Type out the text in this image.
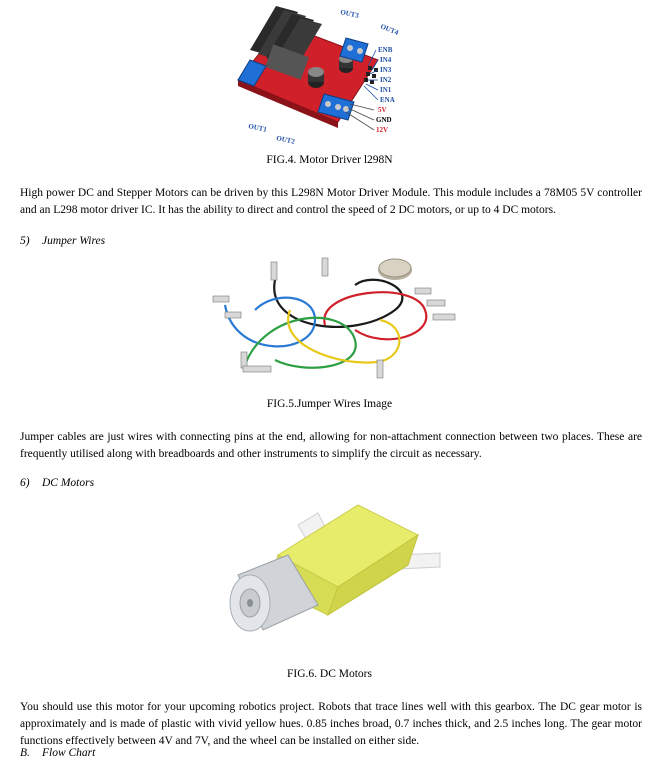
OUT3
OUT4
ENB
IN4
IN3
IN2
IN1
ENA
OUT1
OUT2
5V
GND
12V
FIG.4. Motor Driver l298N
High power DC and Stepper Motors can be driven by this L298N Motor Driver Module. This module includes a 78M05 5V controller and an L298 motor driver IC. It has the ability to direct and control the speed of 2 DC motors, or up to 4 DC motors.
5) Jumper Wires
FIG.5.Jumper Wires Image
Jumper cables are just wires with connecting pins at the end, allowing for non-attachment connection between two places. These are frequently utilised along with breadboards and other instruments to simplify the circuit as necessary.
6) DC Motors
FIG.6. DC Motors
You should use this motor for your upcoming robotics project. Robots that trace lines well with this gearbox. The DC gear motor is approximately and is made of plastic with vivid yellow hues. 0.85 inches broad, 0.7 inches thick, and 2.5 inches long. The gear motor functions effectively between 4V and 7V, and the wheel can be installed on either side.
B. Flow Chart
